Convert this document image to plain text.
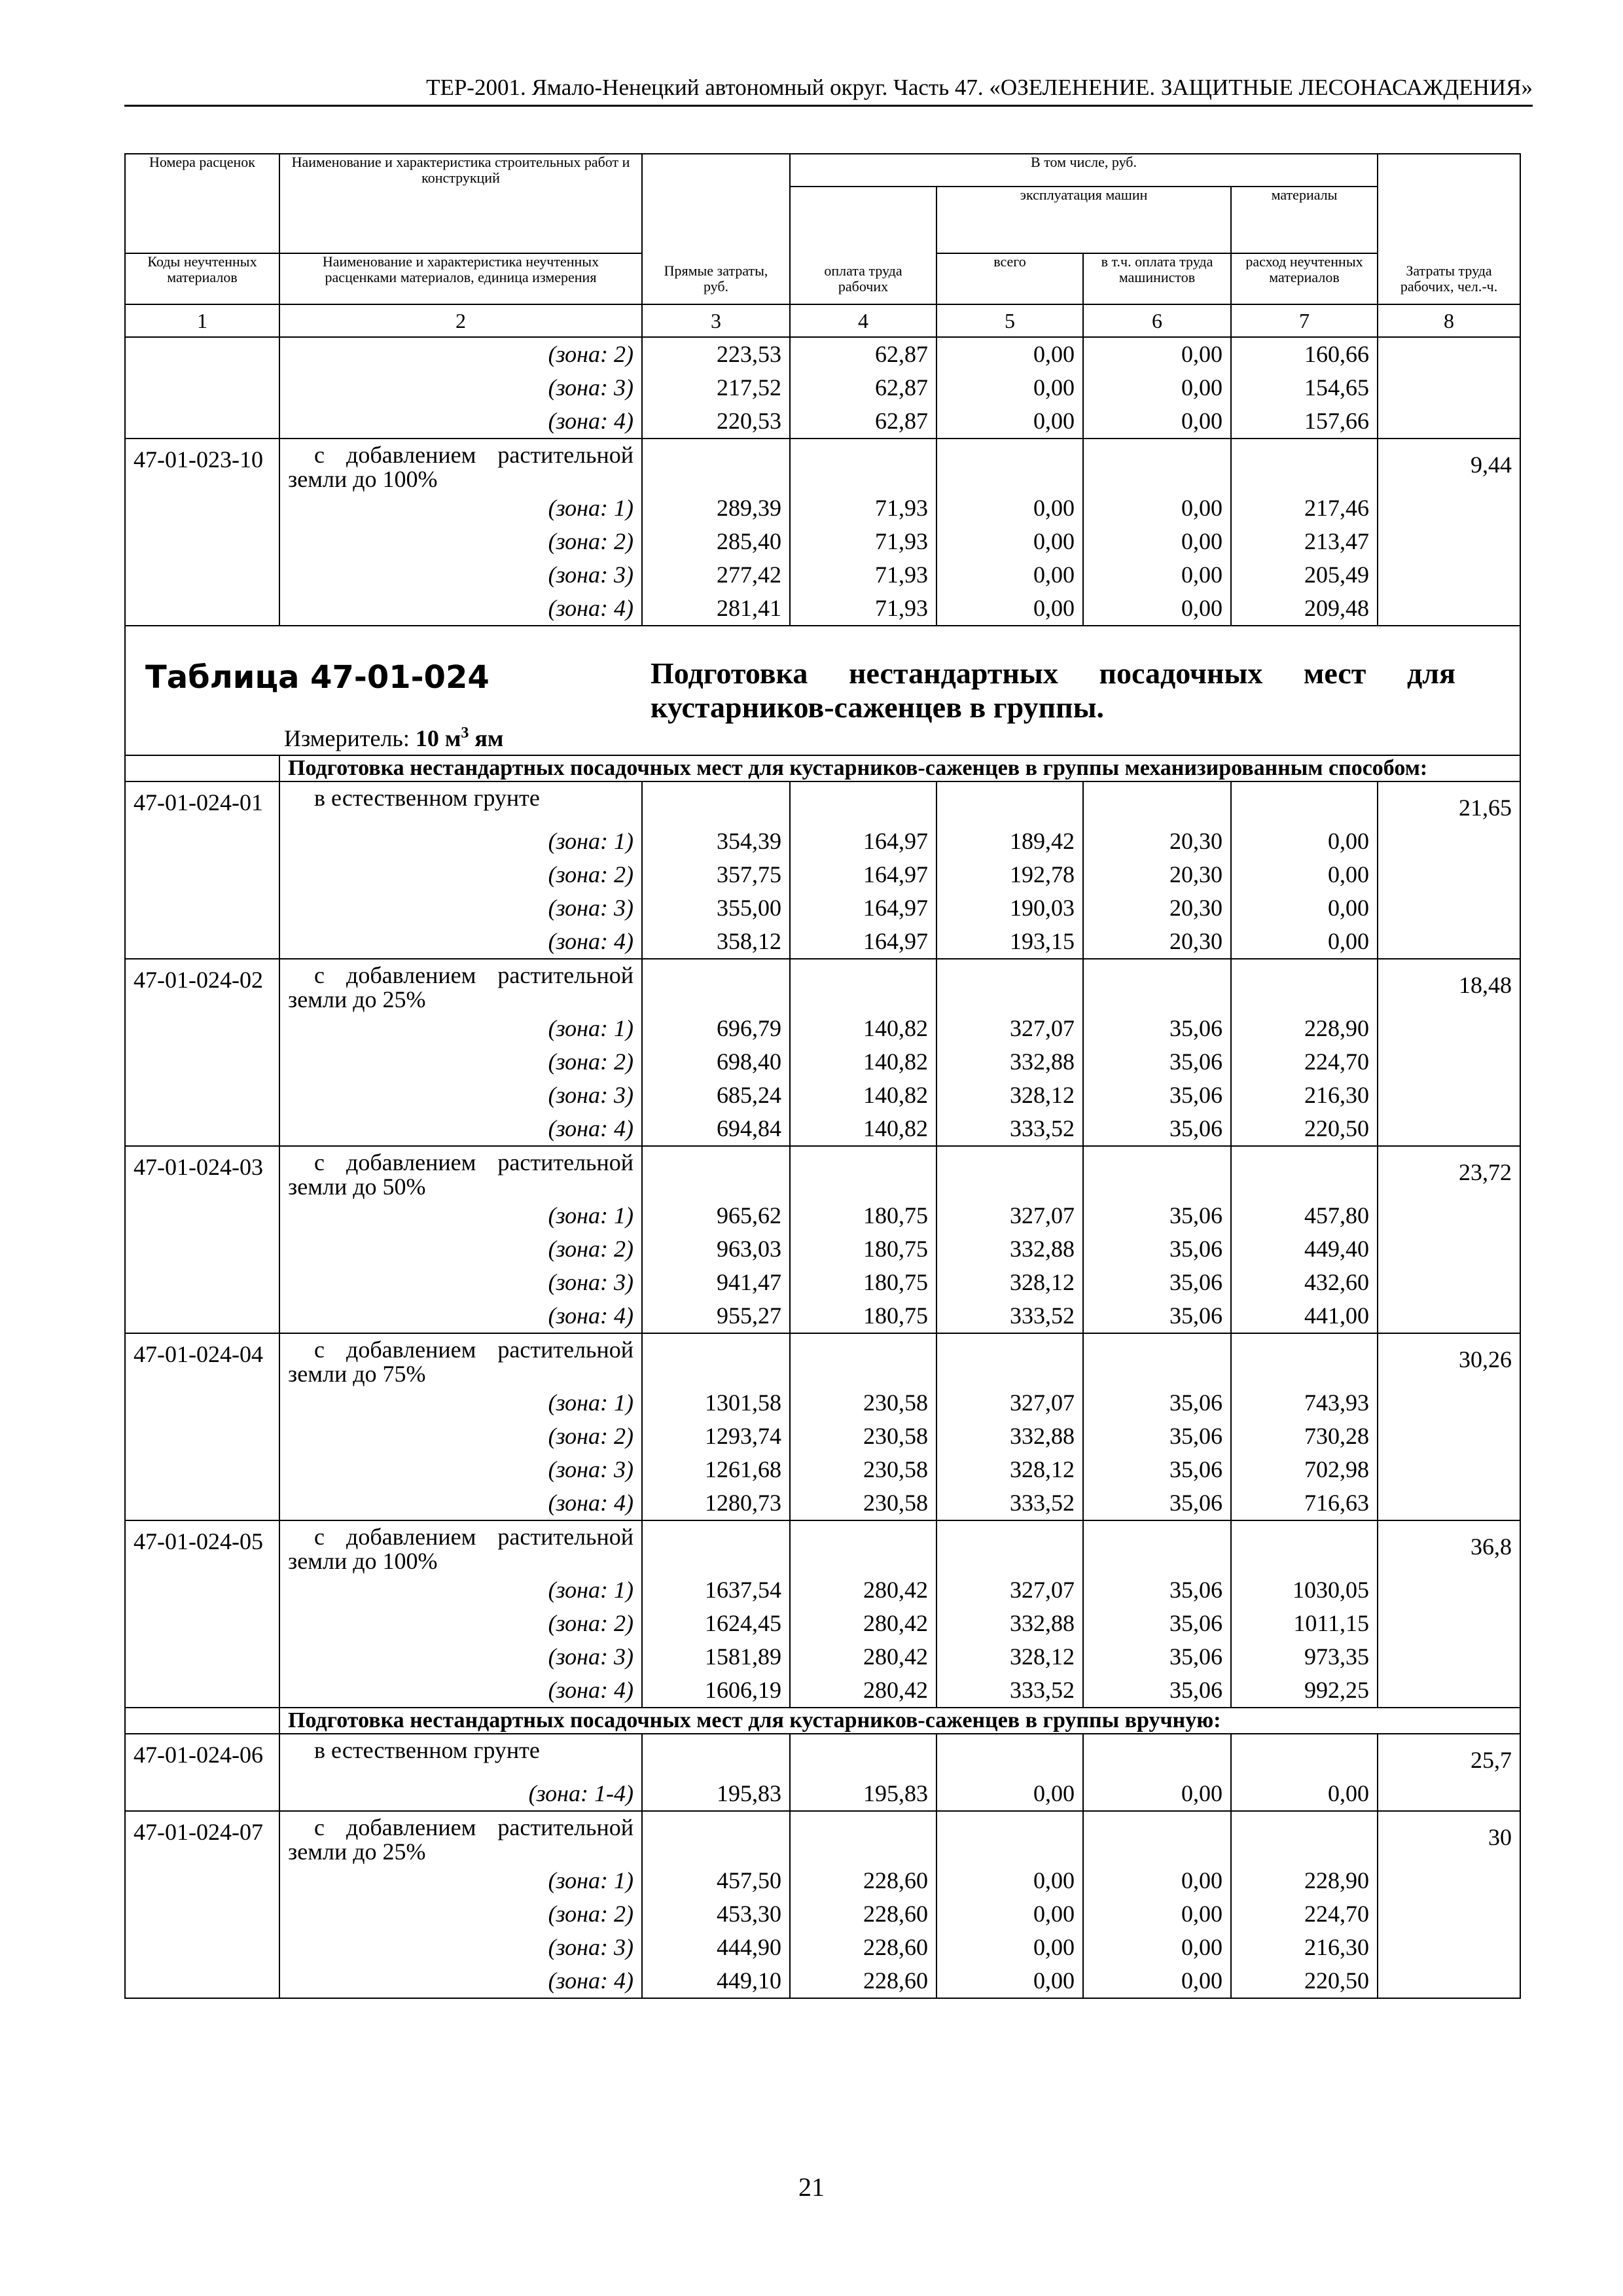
ТЕР-2001. Ямало-Ненецкий автономный округ. Часть 47. «ОЗЕЛЕНЕНИЕ. ЗАЩИТНЫЕ ЛЕСОНАСАЖДЕНИЯ»
Номера расценок	Наименование и характеристика строительных работ и конструкций	Прямые затраты, руб.	В том числе, руб.				Затраты труда рабочих, чел.-ч.
			оплата труда рабочих	эксплуатация машин		материалы	
Коды неучтенных материалов	Наименование и характеристика неучтенных расценками материалов, единица измерения			всего	в т.ч. оплата труда машинистов	расход неучтенных материалов	
1	2	3	4	5	6	7	8
	(зона: 2)	223,53	62,87	0,00	0,00	160,66	
	(зона: 3)	217,52	62,87	0,00	0,00	154,65	
	(зона: 4)	220,53	62,87	0,00	0,00	157,66	
47-01-023-10	с добавлением растительной земли до 100%						9,44
	(зона: 1)	289,39	71,93	0,00	0,00	217,46	
	(зона: 2)	285,40	71,93	0,00	0,00	213,47	
	(зона: 3)	277,42	71,93	0,00	0,00	205,49	
	(зона: 4)	281,41	71,93	0,00	0,00	209,48	

Таблица 47-01-024 Подготовка нестандартных посадочных мест для кустарников-саженцев в группы.
Измеритель: 10 $м^3$ ям							

	Подготовка нестандартных посадочных мест для кустарников-саженцев в группы механизированным способом:						
47-01-024-01	в естественном грунте						21,65
	(зона: 1)	354,39	164,97	189,42	20,30	0,00	
	(зона: 2)	357,75	164,97	192,78	20,30	0,00	
	(зона: 3)	355,00	164,97	190,03	20,30	0,00	
	(зона: 4)	358,12	164,97	193,15	20,30	0,00	
47-01-024-02	с добавлением растительной земли до 25%						18,48
	(зона: 1)	696,79	140,82	327,07	35,06	228,90	
	(зона: 2)	698,40	140,82	332,88	35,06	224,70	
	(зона: 3)	685,24	140,82	328,12	35,06	216,30	
	(зона: 4)	694,84	140,82	333,52	35,06	220,50	
47-01-024-03	с добавлением растительной земли до 50%						23,72
	(зона: 1)	965,62	180,75	327,07	35,06	457,80	
	(зона: 2)	963,03	180,75	332,88	35,06	449,40	
	(зона: 3)	941,47	180,75	328,12	35,06	432,60	
	(зона: 4)	955,27	180,75	333,52	35,06	441,00	
47-01-024-04	с добавлением растительной земли до 75%						30,26
	(зона: 1)	1301,58	230,58	327,07	35,06	743,93	
	(зона: 2)	1293,74	230,58	332,88	35,06	730,28	
	(зона: 3)	1261,68	230,58	328,12	35,06	702,98	
	(зона: 4)	1280,73	230,58	333,52	35,06	716,63	
47-01-024-05	с добавлением растительной земли до 100%						36,8
	(зона: 1)	1637,54	280,42	327,07	35,06	1030,05	
	(зона: 2)	1624,45	280,42	332,88	35,06	1011,15	
	(зона: 3)	1581,89	280,42	328,12	35,06	973,35	
	(зона: 4)	1606,19	280,42	333,52	35,06	992,25	
	Подготовка нестандартных посадочных мест для кустарников-саженцев в группы вручную:						
47-01-024-06	в естественном грунте						25,7
	(зона: 1-4)	195,83	195,83	0,00	0,00	0,00	
47-01-024-07	с добавлением растительной земли до 25%						30
	(зона: 1)	457,50	228,60	0,00	0,00	228,90	
	(зона: 2)	453,30	228,60	0,00	0,00	224,70	
	(зона: 3)	444,90	228,60	0,00	0,00	216,30	
	(зона: 4)	449,10	228,60	0,00	0,00	220,50	
21
